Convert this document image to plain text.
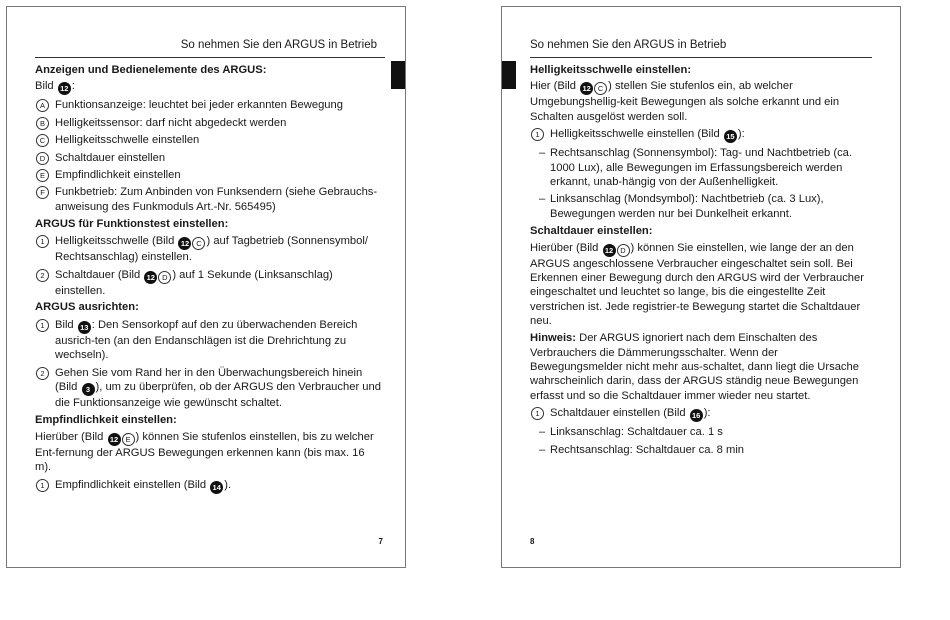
So nehmen Sie den ARGUS in Betrieb
Anzeigen und Bedienelemente des ARGUS:
Bild 12 :
A Funktionsanzeige: leuchtet bei jeder erkannten Bewegung
B Helligkeitssensor: darf nicht abgedeckt werden
C Helligkeitsschwelle einstellen
D Schaltdauer einstellen
E Empfindlichkeit einstellen
F Funkbetrieb: Zum Anbinden von Funksendern (siehe Gebrauchs-anweisung des Funkmoduls Art.-Nr. 565495)
ARGUS für Funktionstest einstellen:
1 Helligkeitsschwelle (Bild 12 C ) auf Tagbetrieb (Sonnensymbol/ Rechtsanschlag) einstellen.
2 Schaltdauer (Bild 12 D ) auf 1 Sekunde (Linksanschlag) einstellen.
ARGUS ausrichten:
1 Bild 13 : Den Sensorkopf auf den zu überwachenden Bereich ausrich-ten (an den Endanschlägen ist die Drehrichtung zu wechseln).
2 Gehen Sie vom Rand her in den Überwachungsbereich hinein (Bild 3 ), um zu überprüfen, ob der ARGUS den Verbraucher und die Funktionsanzeige wie gewünscht schaltet.
Empfindlichkeit einstellen:
Hierüber (Bild 12 E ) können Sie stufenlos einstellen, bis zu welcher Ent-fernung der ARGUS Bewegungen erkennen kann (bis max. 16 m).
1 Empfindlichkeit einstellen (Bild 14 ).
7
So nehmen Sie den ARGUS in Betrieb
Helligkeitsschwelle einstellen:
Hier (Bild 12 C ) stellen Sie stufenlos ein, ab welcher Umgebungshellig-keit Bewegungen als solche erkannt und ein Schalten ausgelöst werden soll.
1 Helligkeitsschwelle einstellen (Bild 15 ):
– Rechtsanschlag (Sonnensymbol): Tag- und Nachtbetrieb (ca. 1000 Lux), alle Bewegungen im Erfassungsbereich werden erkannt, unab-hängig von der Außenhelligkeit.
– Linksanschlag (Mondsymbol): Nachtbetrieb (ca. 3 Lux), Bewegungen werden nur bei Dunkelheit erkannt.
Schaltdauer einstellen:
Hierüber (Bild 12 D ) können Sie einstellen, wie lange der an den ARGUS angeschlossene Verbraucher eingeschaltet sein soll. Bei Erkennen einer Bewegung durch den ARGUS wird der Verbraucher eingeschaltet und leuchtet so lange, bis die eingestellte Zeit verstrichen ist. Jede registrier-te Bewegung startet die Schaltdauer neu.
Hinweis: Der ARGUS ignoriert nach dem Einschalten des Verbrauchers die Dämmerungsschalter. Wenn der Bewegungsmelder nicht mehr aus-schaltet, dann liegt die Ursache wahrscheinlich darin, dass der ARGUS ständig neue Bewegungen erfasst und so die Schaltdauer immer wieder neu startet.
1 Schaltdauer einstellen (Bild 16 ):
– Linksanschlag: Schaltdauer ca. 1 s
– Rechtsanschlag: Schaltdauer ca. 8 min
8
